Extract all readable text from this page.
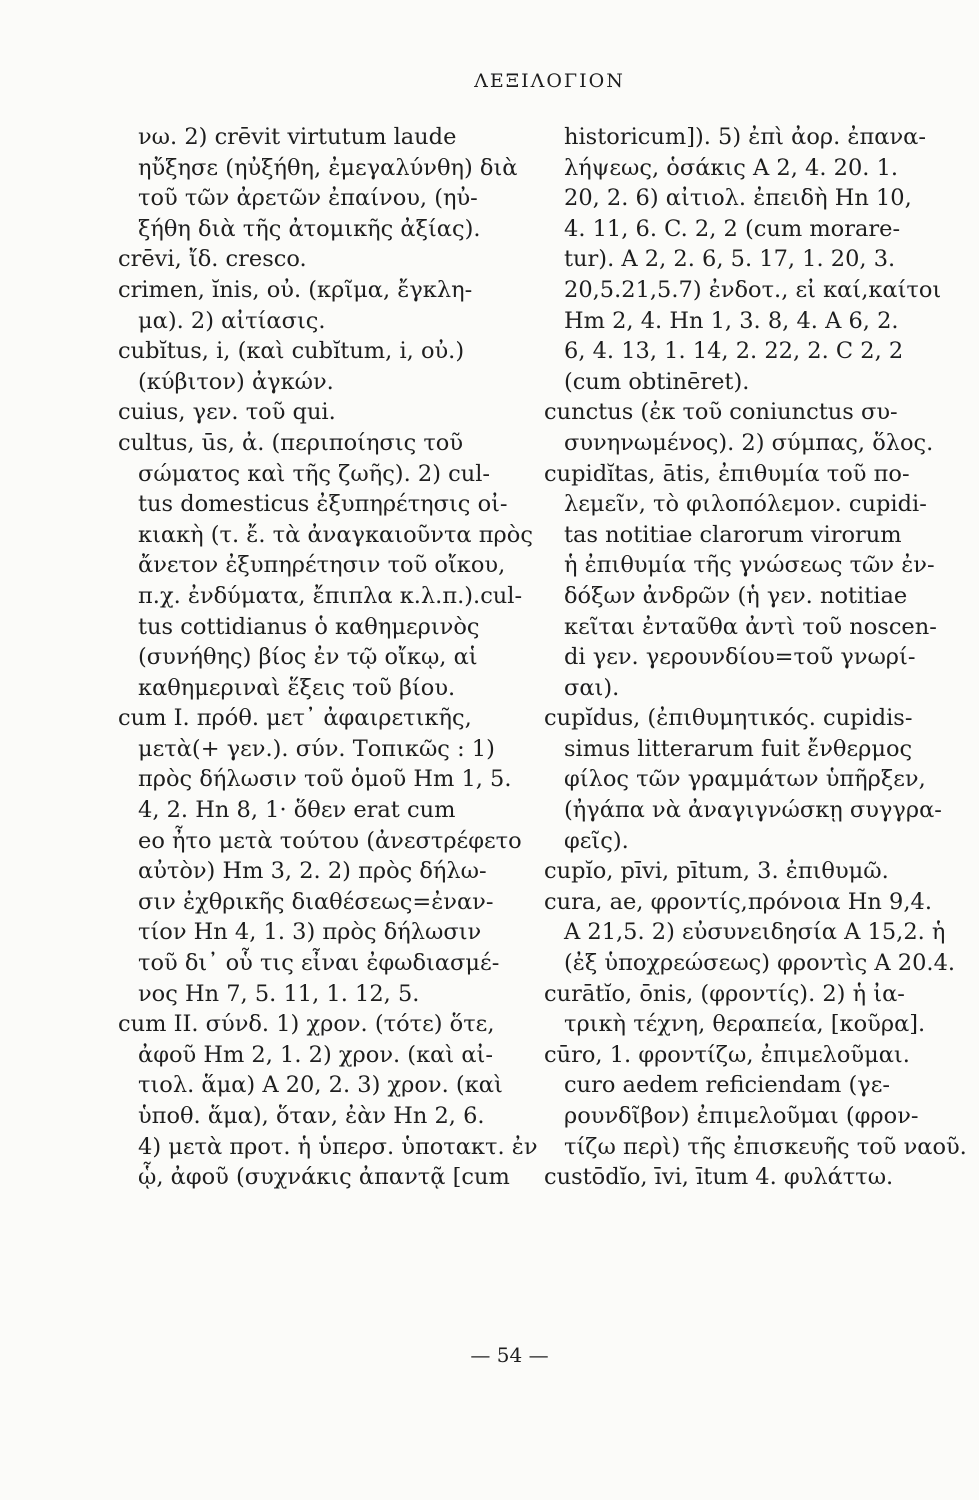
ΛΕΞΙΛΟΓΙΟΝ
νω. 2) crēvit virtutum laude
ηὔξησε (ηὐξήθη, ἐμεγαλύνθη) διὰ
τοῦ τῶν ἀρετῶν ἐπαίνου, (ηὐ-
ξήθη διὰ τῆς ἀτομικῆς ἀξίας).
crēvi, ἴδ. cresco.
crimen, ĭnis, οὐ. (κρῖμα, ἔγκλη-
μα). 2) αἰτίασις.
cubĭtus, i, (καὶ cubĭtum, i, οὐ.)
(κύβιτον) ἀγκών.
cuius, γεν. τοῦ qui.
cultus, ūs, ἀ. (περιποίησις τοῦ
σώματος καὶ τῆς ζωῆς). 2) cul-
tus domesticus ἐξυπηρέτησις οἰ-
κιακὴ (τ. ἔ. τὰ ἀναγκαιοῦντα πρὸς
ἄνετον ἐξυπηρέτησιν τοῦ οἴκου,
π.χ. ἐνδύματα, ἔπιπλα κ.λ.π.).cul-
tus cottidianus ὁ καθημερινὸς
(συνήθης) βίος ἐν τῷ οἴκῳ, αἱ
καθημεριναὶ ἕξεις τοῦ βίου.
cum I. πρόθ. μετ᾽ ἀφαιρετικῆς,
μετὰ(+ γεν.). σύν. Τοπικῶς : 1)
πρὸς δήλωσιν τοῦ ὁμοῦ Hm 1, 5.
4, 2. Hn 8, 1· ὅθεν erat cum
eo ἦτο μετὰ τούτου (ἀνεστρέφετο
αὐτὸν) Hm 3, 2. 2) πρὸς δήλω-
σιν ἐχθρικῆς διαθέσεως=ἐναν-
τίον Hn 4, 1. 3) πρὸς δήλωσιν
τοῦ δι᾽ οὗ τις εἶναι ἐφωδιασμέ-
νος Hn 7, 5. 11, 1. 12, 5.
cum II. σύνδ. 1) χρον. (τότε) ὅτε,
ἀφοῦ Hm 2, 1. 2) χρον. (καὶ αἰ-
τιολ. ἅμα) A 20, 2. 3) χρον. (καὶ
ὑποθ. ἅμα), ὅταν, ἐὰν Hn 2, 6.
4) μετὰ προτ. ἡ ὑπερσ. ὑποτακτ. ἐν
ᾧ, ἀφοῦ (συχνάκις ἀπαντᾷ [cum
historicum]). 5) ἐπὶ ἀορ. ἐπανα-
λήψεως, ὁσάκις A 2, 4. 20. 1.
20, 2. 6) αἰτιολ. ἐπειδὴ Hn 10,
4. 11, 6. C. 2, 2 (cum morare-
tur). A 2, 2. 6, 5. 17, 1. 20, 3.
20,5.21,5.7) ἐνδοτ., εἰ καί,καίτοι
Hm 2, 4. Hn 1, 3. 8, 4. A 6, 2.
6, 4. 13, 1. 14, 2. 22, 2. C 2, 2
(cum obtinēret).
cunctus (ἐκ τοῦ coniunctus συ-
συνηνωμένος). 2) σύμπας, ὅλος.
cupidĭtas, ātis, ἐπιθυμία τοῦ πο-
λεμεῖν, τὸ φιλοπόλεμον. cupidi-
tas notitiae clarorum virorum
ἡ ἐπιθυμία τῆς γνώσεως τῶν ἐν-
δόξων ἀνδρῶν (ἡ γεν. notitiae
κεῖται ἐνταῦθα ἀντὶ τοῦ noscen-
di γεν. γερουνδίου=τοῦ γνωρί-
σαι).
cupĭdus, (ἐπιθυμητικός. cupidis-
simus litterarum fuit ἔνθερμος
φίλος τῶν γραμμάτων ὑπῆρξεν,
(ἠγάπα νὰ ἀναγιγνώσκῃ συγγρα-
φεῖς).
cupĭo, pīvi, pītum, 3. ἐπιθυμῶ.
cura, ae, φροντίς,πρόνοια Hn 9,4.
A 21,5. 2) εὐσυνειδησία A 15,2. ἡ
(ἐξ ὑποχρεώσεως) φροντὶς A 20.4.
curātĭo, ōnis, (φροντίς). 2) ἡ ἰα-
τρικὴ τέχνη, θεραπεία, [κοῦρα].
cūro, 1. φροντίζω, ἐπιμελοῦμαι.
curo aedem reficiendam (γε-
ρουνδῖβον) ἐπιμελοῦμαι (φρον-
τίζω περὶ) τῆς ἐπισκευῆς τοῦ ναοῦ.
custōdĭo, īvi, ītum 4. φυλάττω.
— 54 —
